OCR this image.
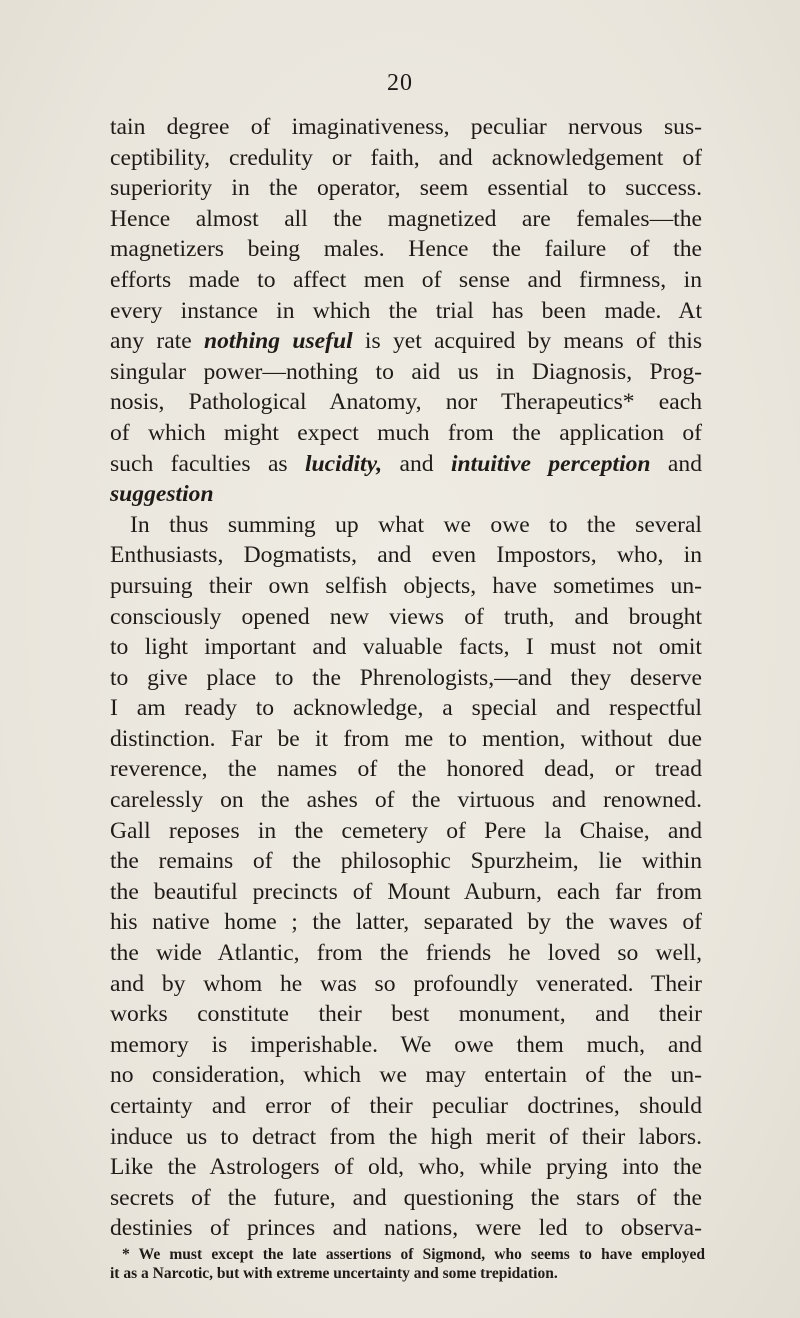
20
tain degree of imaginativeness, peculiar nervous sus-
ceptibility, credulity or faith, and acknowledgement of
superiority in the operator, seem essential to success.
Hence almost all the magnetized are females—the
magnetizers being males. Hence the failure of the
efforts made to affect men of sense and firmness, in
every instance in which the trial has been made. At
any rate nothing useful is yet acquired by means of this
singular power—nothing to aid us in Diagnosis, Prog-
nosis, Pathological Anatomy, nor Therapeutics* each
of which might expect much from the application of
such faculties as lucidity, and intuitive perception and
suggestion
In thus summing up what we owe to the several
Enthusiasts, Dogmatists, and even Impostors, who, in
pursuing their own selfish objects, have sometimes un-
consciously opened new views of truth, and brought
to light important and valuable facts, I must not omit
to give place to the Phrenologists,—and they deserve
I am ready to acknowledge, a special and respectful
distinction. Far be it from me to mention, without due
reverence, the names of the honored dead, or tread
carelessly on the ashes of the virtuous and renowned.
Gall reposes in the cemetery of Pere la Chaise, and
the remains of the philosophic Spurzheim, lie within
the beautiful precincts of Mount Auburn, each far from
his native home ; the latter, separated by the waves of
the wide Atlantic, from the friends he loved so well,
and by whom he was so profoundly venerated. Their
works constitute their best monument, and their
memory is imperishable. We owe them much, and
no consideration, which we may entertain of the un-
certainty and error of their peculiar doctrines, should
induce us to detract from the high merit of their labors.
Like the Astrologers of old, who, while prying into the
secrets of the future, and questioning the stars of the
destinies of princes and nations, were led to observa-
* We must except the late assertions of Sigmond, who seems to have employed
it as a Narcotic, but with extreme uncertainty and some trepidation.
